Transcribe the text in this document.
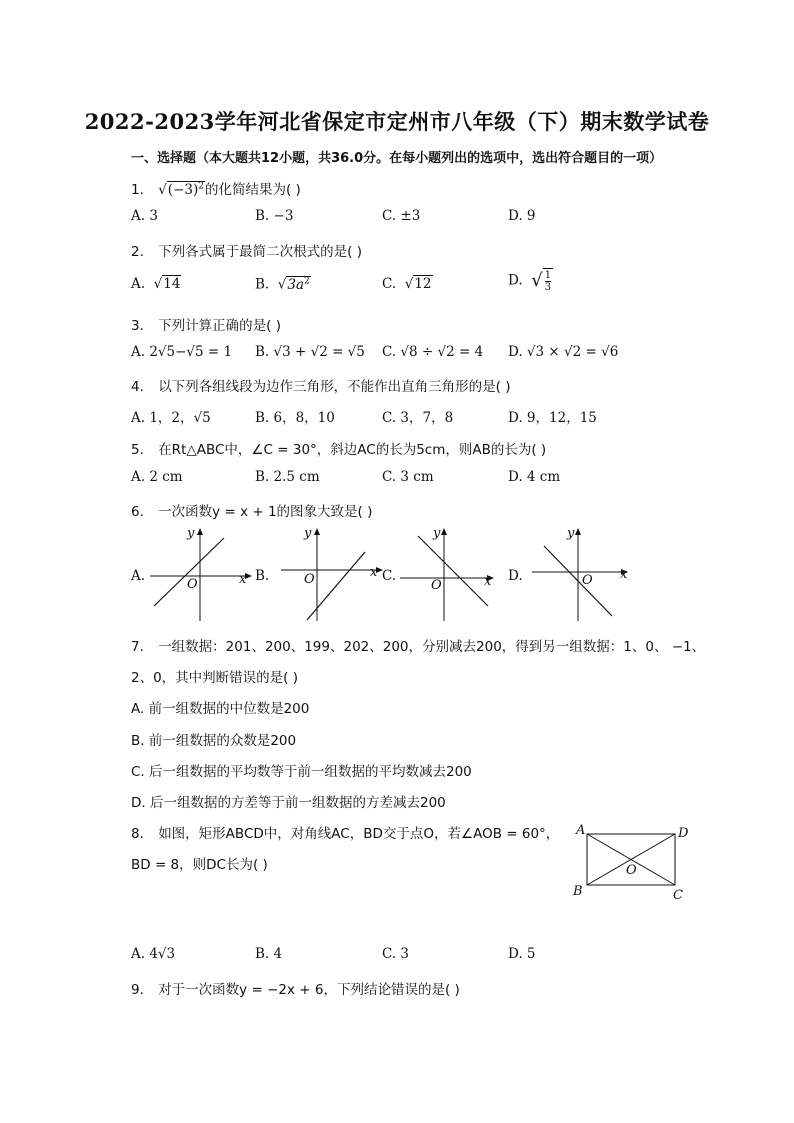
2022-2023学年河北省保定市定州市八年级（下）期末数学试卷
一、选择题（本大题共12小题，共36.0分。在每小题列出的选项中，选出符合题目的一项）
1. $√(-3)^2$的化简结果为( )
A. 3	B. −3	C. ±3	D. 9
2. 下列各式属于最简二次根式的是( )
A.  √14	B.  $√3a^2$	C.  √12	D. √ $\frac{1}{3}$
3. 下列计算正确的是( )
A. 2√5−√5 = 1 B. √3 + √2 = √5 C. √8 ÷ √2 = 4 D. √3 × √2 = √6
4. 以下列各组线段为边作三角形，不能作出直角三角形的是( )
A. 1，2，√5	B. 6，8，10	C. 3，7，8	D. 9，12，15
5. 在Rt△ABC中，∠C = 30°，斜边AC的长为5cm，则AB的长为( )
A. 2 cm	B. 2.5 cm	C. 3 cm	D. 4 cm
6. 一次函数y = x + 1的图象大致是( )
A.	B.	C.	D.
y
x
O
y
x
O
y
x
O
y
x
O
7. 一组数据：201、200、199、202、200，分别减去200，得到另一组数据：1、0、 −1、
2、0，其中判断错误的是( )
A. 前一组数据的中位数是200
B. 前一组数据的众数是200
C. 后一组数据的平均数等于前一组数据的平均数减去200
D. 后一组数据的方差等于前一组数据的方差减去200
8. 如图，矩形ABCD中，对角线AC，BD交于点O，若∠AOB = 60°，
BD = 8，则DC长为( )
A	D
B	C
O
A. 4√3	B. 4	C. 3	D. 5
9. 对于一次函数y = −2x + 6，下列结论错误的是( )
